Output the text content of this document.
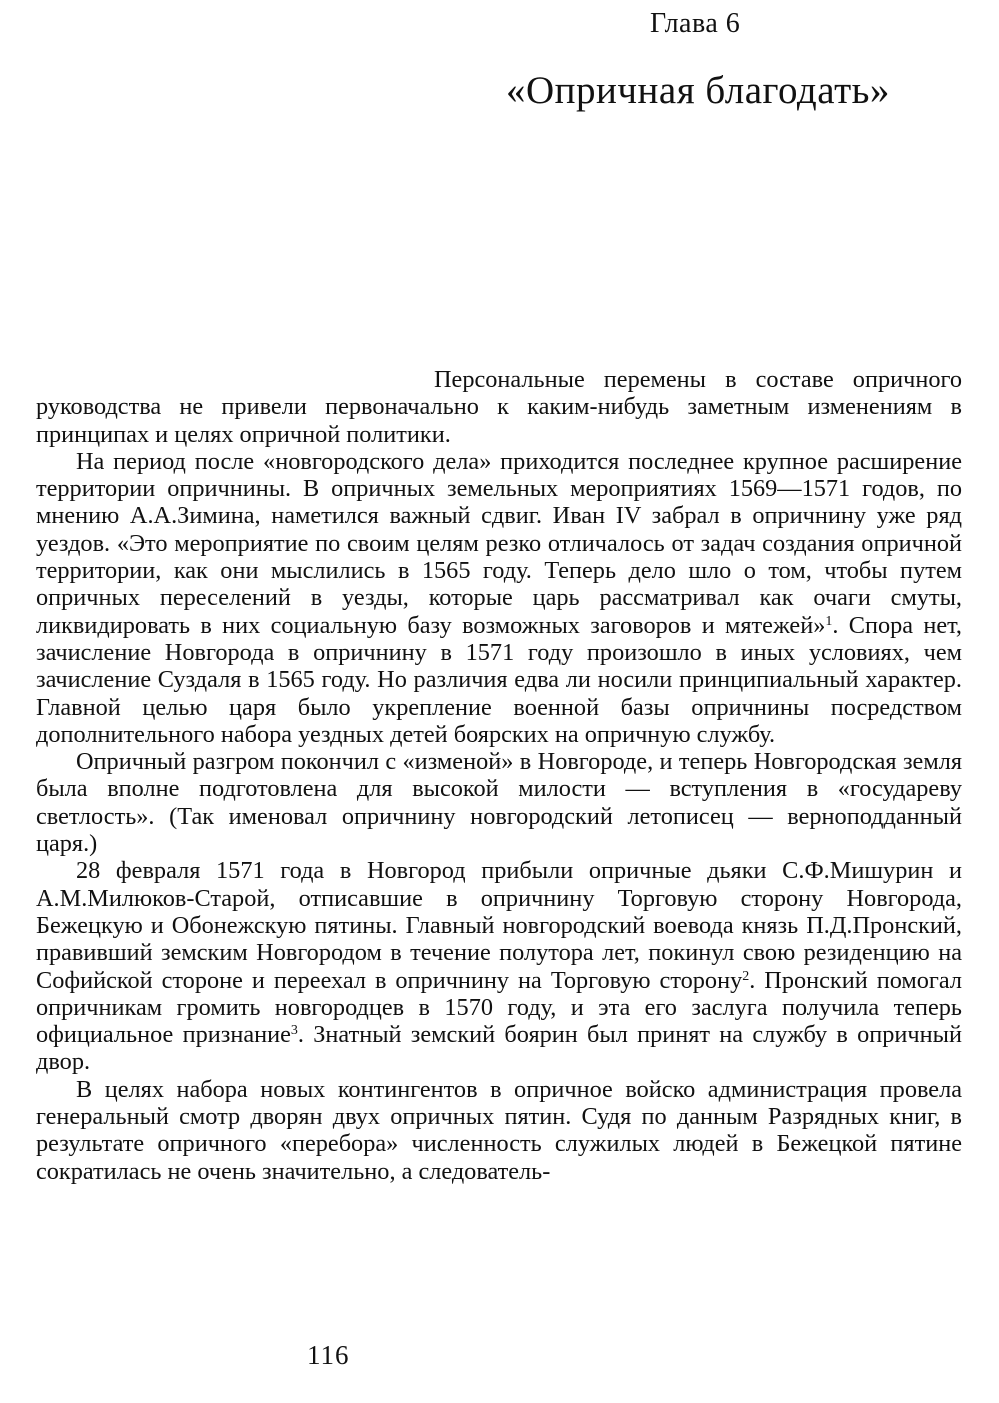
Глава 6
«Опричная благодать»

Персональные перемены в составе опричного руководства не привели первоначально к каким-нибудь заметным изменениям в принципах и целях опричной политики.

На период после «новгородского дела» приходится последнее крупное расширение территории опричнины. В опричных земельных мероприятиях 1569—1571 годов, по мнению А.А.Зимина, наметился важный сдвиг. Иван IV забрал в опричнину уже ряд уездов. «Это мероприятие по своим целям резко отличалось от задач создания опричной территории, как они мыслились в 1565 году. Теперь дело шло о том, чтобы путем опричных переселений в уезды, которые царь рассматривал как очаги смуты, ликвидировать в них социальную базу возможных заговоров и мятежей»$^1$. Спора нет, зачисление Новгорода в опричнину в 1571 году произошло в иных условиях, чем зачисление Суздаля в 1565 году. Но различия едва ли носили принципиальный характер. Главной целью царя было укрепление военной базы опричнины посредством дополнительного набора уездных детей боярских на опричную службу.

Опричный разгром покончил с «изменой» в Новгороде, и теперь Новгородская земля была вполне подготовлена для высокой милости — вступления в «государеву светлость». (Так именовал опричнину новгородский летописец — верноподданный царя.)

28 февраля 1571 года в Новгород прибыли опричные дьяки С.Ф.Мишурин и А.М.Милюков-Старой, отписавшие в опричнину Торговую сторону Новгорода, Бежецкую и Обонежскую пятины. Главный новгородский воевода князь П.Д.Пронский, правивший земским Новгородом в течение полутора лет, покинул свою резиденцию на Софийской стороне и переехал в опричнину на Торговую сторону$^2$. Пронский помогал опричникам громить новгородцев в 1570 году, и эта его заслуга получила теперь официальное признание$^3$. Знатный земский боярин был принят на службу в опричный двор.

В целях набора новых контингентов в опричное войско администрация провела генеральный смотр дворян двух опричных пятин. Судя по данным Разрядных книг, в результате опричного «перебора» численность служилых людей в Бежецкой пятине сократилась не очень значительно, а следователь-

116
